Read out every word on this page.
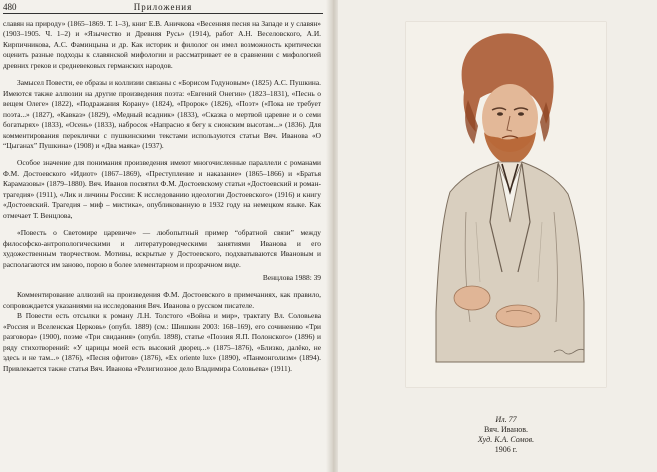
480	Приложения

славян на природу» (1865–1869. Т. 1–3), книг Е.В. Аничкова «Весенняя песня на Западе и у славян» (1903–1905. Ч. 1–2) и «Язычество и Древняя Русь» (1914), работ А.Н. Веселовского, А.И. Кирпичникова, А.С. Фаминцына и др. Как историк и филолог он имел возможность критически оценить разные подходы к славянской мифологии и рассматривает ее в сравнении с мифологией древних греков и средневековых германских народов.

Замысел Повести, ее образы и коллизии связаны с «Борисом Годуновым» (1825) А.С. Пушкина. Имеются также аллюзии на другие произведения поэта: «Евгений Онегин» (1823–1831), «Песнь о вещем Олеге» (1822), «Подражания Корану» (1824), «Пророк» (1826), «Поэт» («Пока не требует поэта...» (1827), «Кавказ» (1829), «Медный всадник» (1833), «Сказка о мертвой царевне и о семи богатырях» (1833), «Осень» (1833), набросок «Напрасно я бегу к сионским высотам...» (1836). Для комментирования переклички с пушкинскими текстами используются статьи Вяч. Иванова «О “Цыганах” Пушкина» (1908) и «Два маяка» (1937).

Особое значение для понимания произведения имеют многочисленные параллели с романами Ф.М. Достоевского «Идиот» (1867–1869), «Преступление и наказание» (1865–1866) и «Братья Карамазовы» (1879–1880). Вяч. Иванов посвятил Ф.М. Достоевскому статьи «Достоевский и роман-трагедия» (1911), «Лик и личины России: К исследованию идеологии Достоевского» (1916) и книгу «Достоевский. Трагедия – миф – мистика», опубликованную в 1932 году на немецком языке. Как отмечает Т. Венцлова,

«Повесть о Светомире царевиче» — любопытный пример “обратной связи” между философско-антропологическими и литературоведческими занятиями Иванова и его художественным творчеством. Мотивы, вскрытые у Достоевского, подхватываются Ивановым и располагаются им заново, порою в более элементарном и прозрачном виде.

Венцлова 1988: 39

Комментирование аллюзий на произведения Ф.М. Достоевского в примечаниях, как правило, сопровождается указаниями на исследования Вяч. Иванова о русском писателе.

В Повести есть отсылки к роману Л.Н. Толстого «Война и мир», трактату Вл. Соловьева «Россия и Вселенская Церковь» (опубл. 1889) (см.: Шишкин 2003: 168–169), его сочинению «Три разговора» (1900), поэме «Три свидания» (опубл. 1898), статье «Поэзия Я.П. Полонского» (1896) и ряду стихотворений: «У царицы моей есть высокий дворец...» (1875–1876), «Близко, далёко, не здесь и не там...» (1876), «Песня офитов» (1876), «Ex oriente lux» (1890), «Панмонголизм» (1894). Привлекается также статья Вяч. Иванова «Религиозное дело Владимира Соловьева» (1911).

Ил. 77
Вяч. Иванов.
Худ. К.А. Сомов.
1906 г.
